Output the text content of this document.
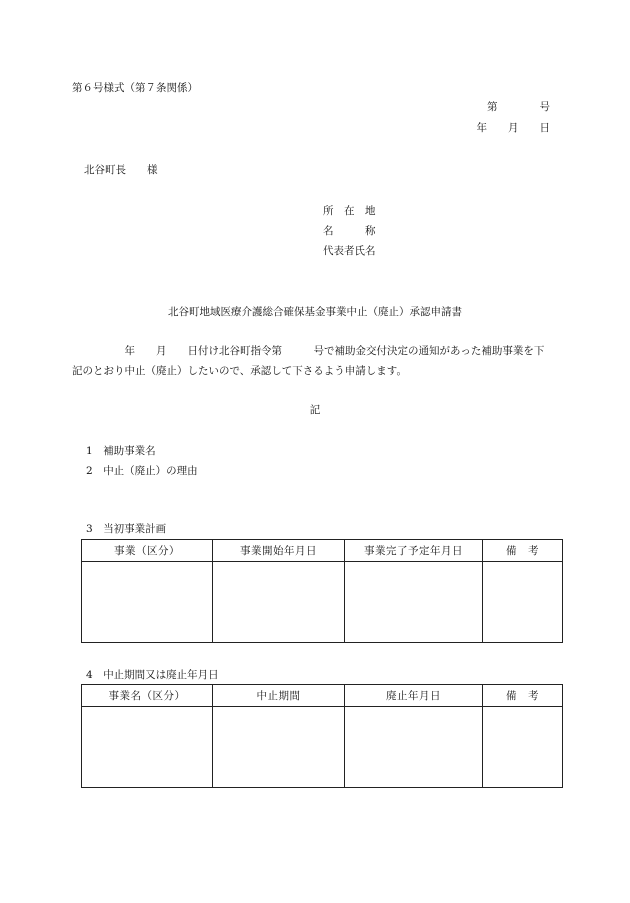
第６号様式（第７条関係）
第　　　　号
年　　月　　日
北谷町長　　様
所　在　地
名　　　称
代表者氏名
北谷町地域医療介護総合確保基金事業中止（廃止）承認申請書
　　　　　年　　月　　日付け北谷町指令第　　　号で補助金交付決定の通知があった補助事業を下
記のとおり中止（廃止）したいので、承認して下さるよう申請します。
記
1　 補助事業名
2　 中止（廃止）の理由
3　 当初事業計画
事業（区分）	事業開始年月日	事業完了予定年月日	備　考

4　 中止期間又は廃止年月日
事業名（区分）	中止期間	廃止年月日	備　考
